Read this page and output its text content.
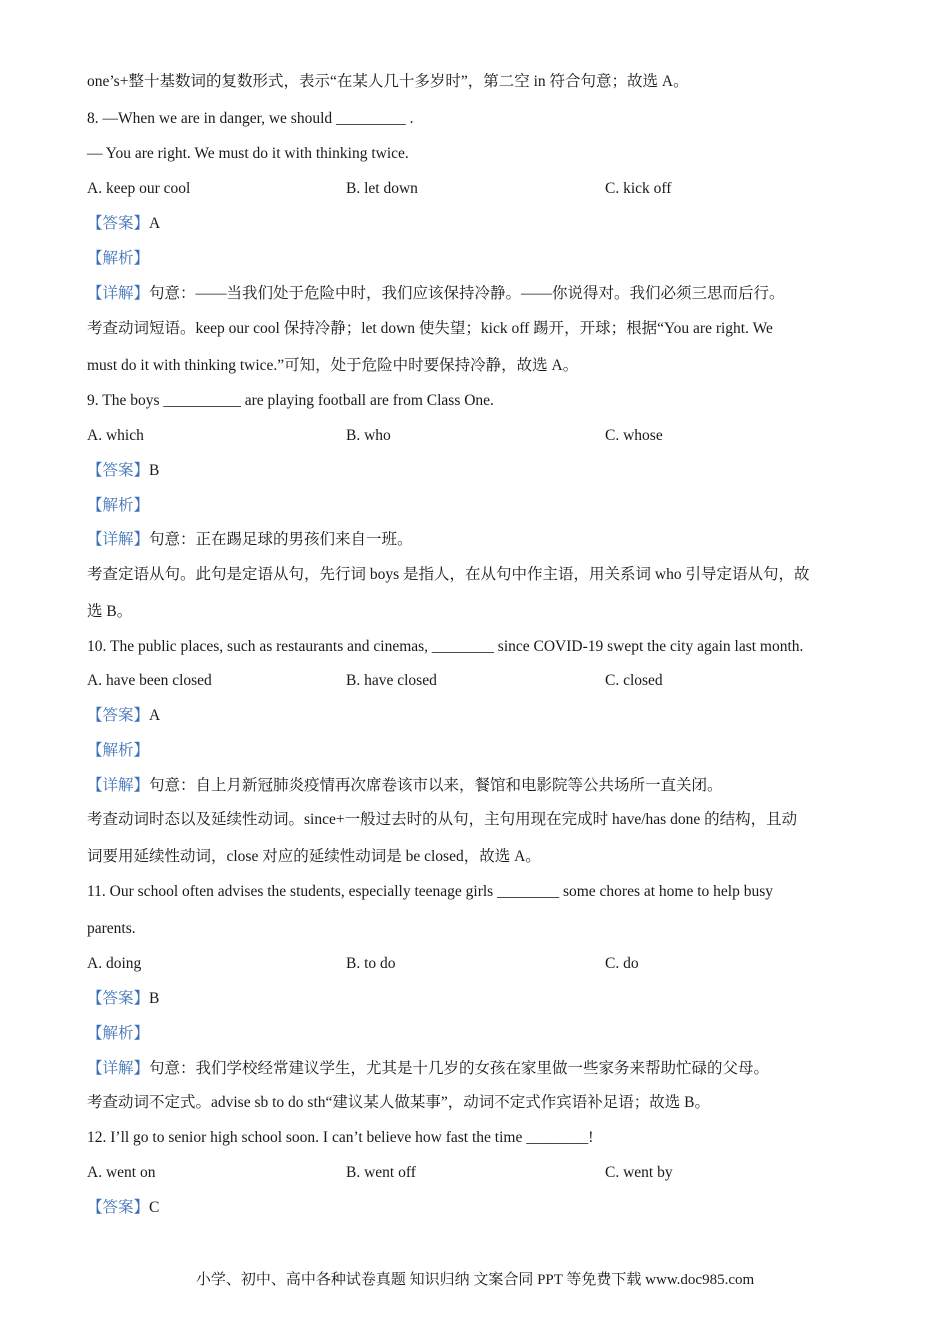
one’s+整十基数词的复数形式，表示“在某人几十多岁时”，第二空 in 符合句意；故选 A。
8. —When we are in danger, we should _________ .
— You are right. We must do it with thinking twice.
A. keep our cool	B. let down	C. kick off
【答案】A
【解析】
【详解】句意：——当我们处于危险中时，我们应该保持冷静。——你说得对。我们必须三思而后行。
考查动词短语。keep our cool 保持冷静；let down 使失望；kick off 踢开，开球；根据“You are right. We
must do it with thinking twice.”可知，处于危险中时要保持冷静，故选 A。
9. The boys __________ are playing football are from Class One.
A. which	B. who	C. whose
【答案】B
【解析】
【详解】句意：正在踢足球的男孩们来自一班。
考查定语从句。此句是定语从句，先行词 boys 是指人，在从句中作主语，用关系词 who 引导定语从句，故
选 B。
10. The public places, such as restaurants and cinemas, ________ since COVID-19 swept the city again last month.
A. have been closed	B. have closed	C. closed
【答案】A
【解析】
【详解】句意：自上月新冠肺炎疫情再次席卷该市以来，餐馆和电影院等公共场所一直关闭。
考查动词时态以及延续性动词。since+一般过去时的从句，主句用现在完成时 have/has done 的结构，且动
词要用延续性动词，close 对应的延续性动词是 be closed，故选 A。
11. Our school often advises the students, especially teenage girls ________ some chores at home to help busy
parents.
A. doing	B. to do	C. do
【答案】B
【解析】
【详解】句意：我们学校经常建议学生，尤其是十几岁的女孩在家里做一些家务来帮助忙碌的父母。
考查动词不定式。advise sb to do sth“建议某人做某事”，动词不定式作宾语补足语；故选 B。
12. I’ll go to senior high school soon. I can’t believe how fast the time ________!
A. went on	B. went off	C. went by
【答案】C
小学、初中、高中各种试卷真题 知识归纳 文案合同 PPT 等免费下载 www.doc985.com
